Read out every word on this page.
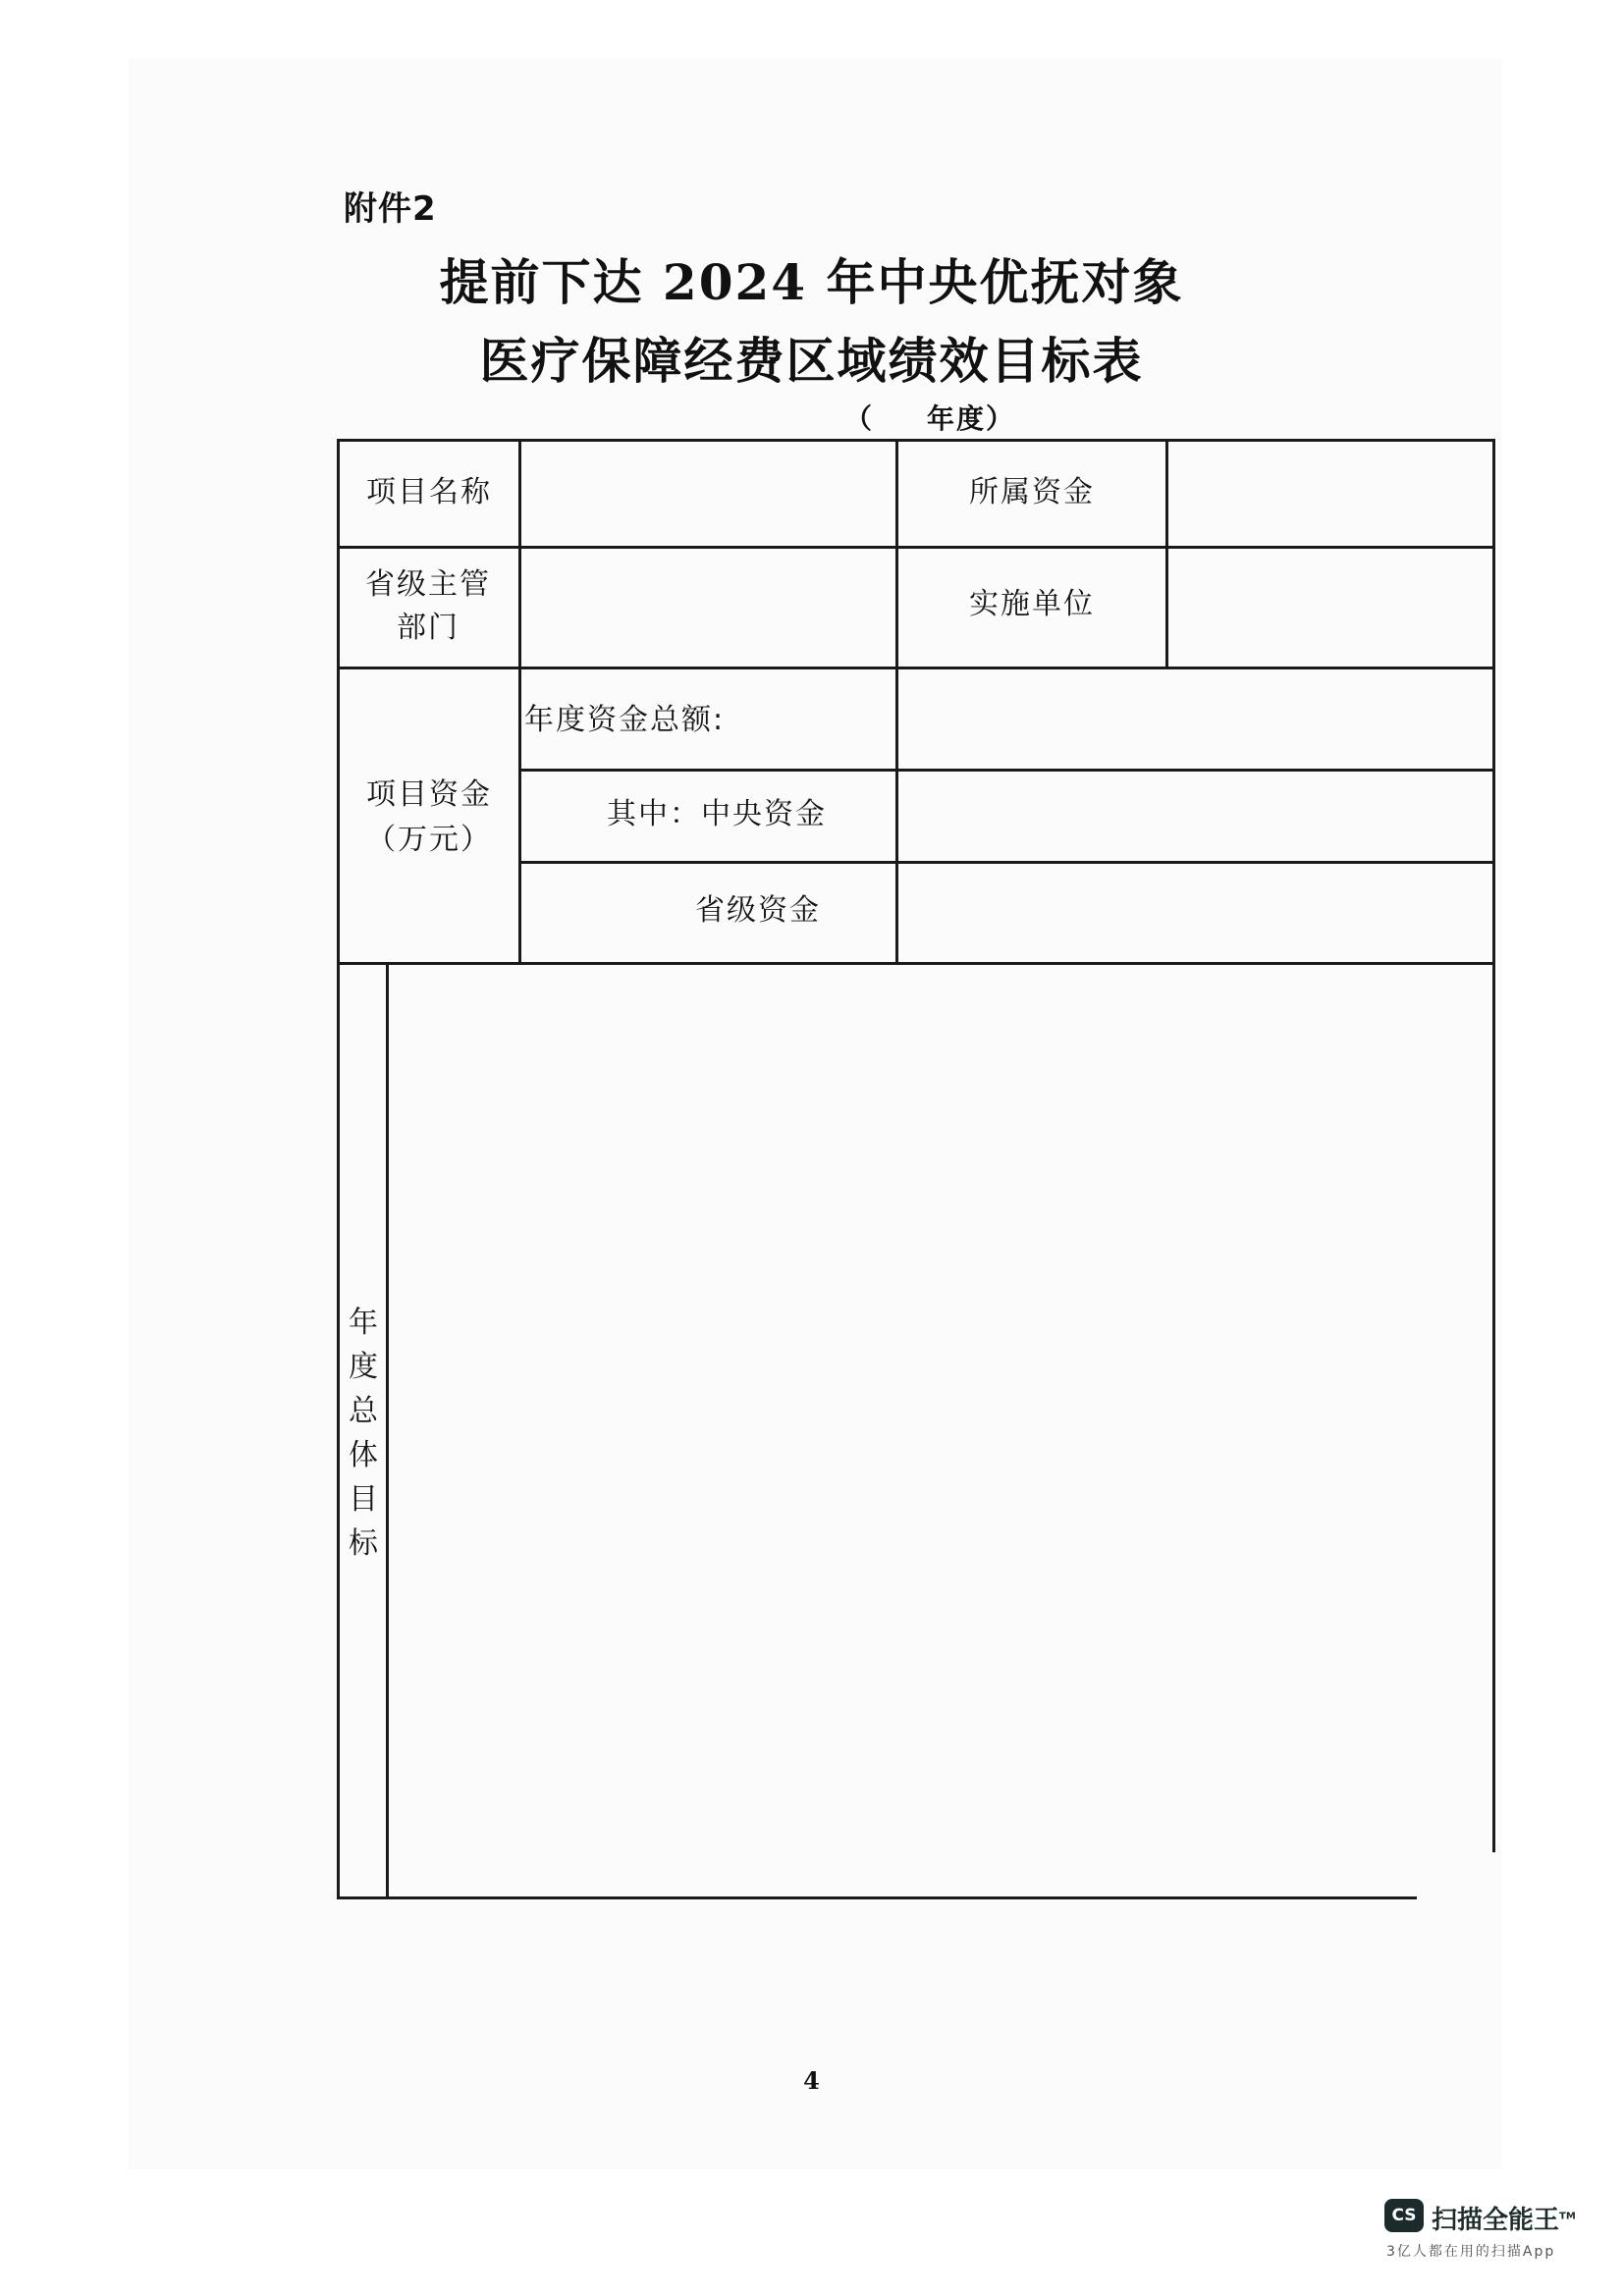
附件2
提前下达 2024 年中央优抚对象
医疗保障经费区域绩效目标表
（ 年度）
项目名称	所属资金
省级主管部门
实施单位
项目资金
（万元）
年度资金总额:
其中：中央资金
省级资金
年度总体目标
4
CS 扫描全能王™
3亿人都在用的扫描App
